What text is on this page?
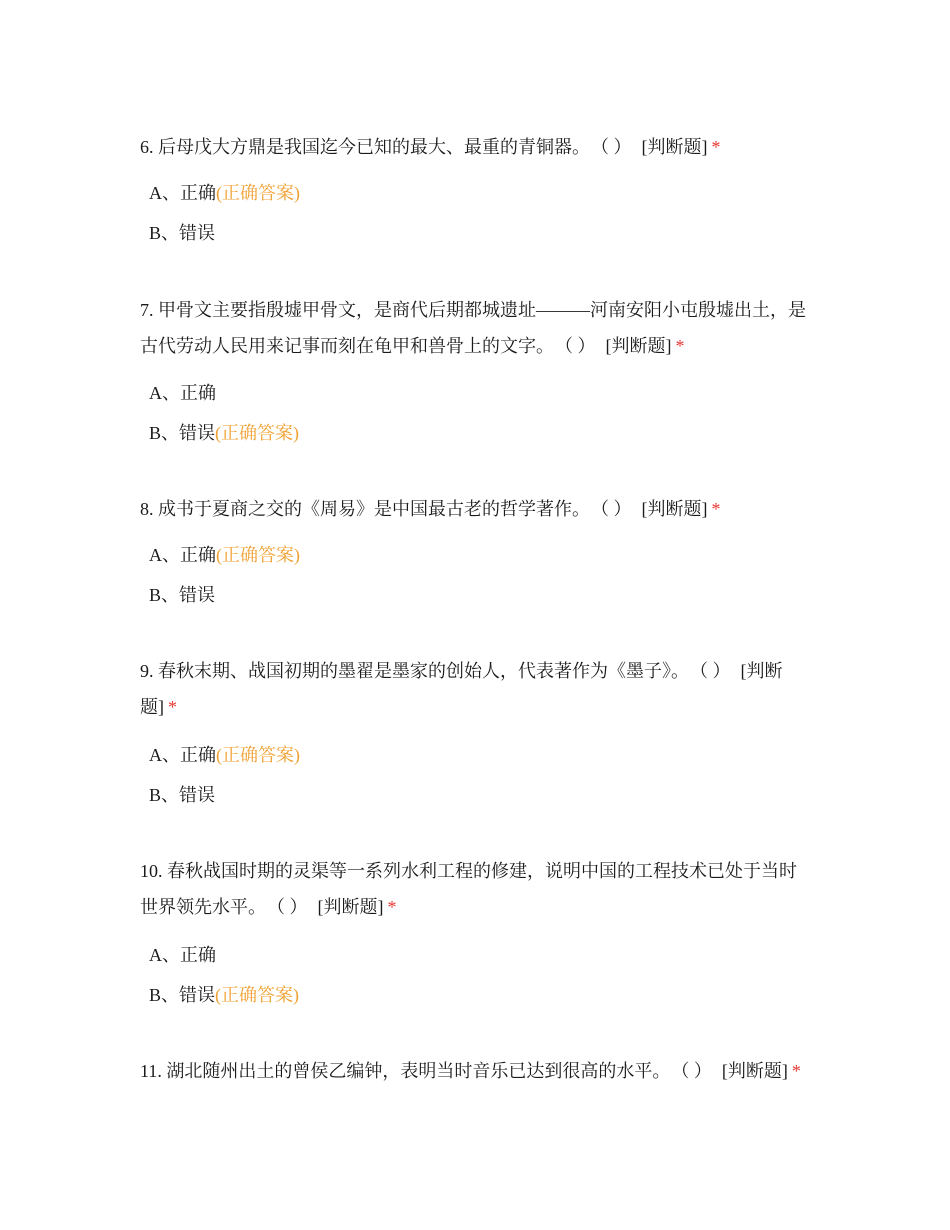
6. 后母戊大方鼎是我国迄今已知的最大、最重的青铜器。 （ ） [判断题] *

A、正确(正确答案)
B、错误

7. 甲骨文主要指殷墟甲骨文，是商代后期都城遗址———河南安阳小屯殷墟出土，是古代劳动人民用来记事而刻在龟甲和兽骨上的文字。 （ ） [判断题] *

A、正确
B、错误(正确答案)

8. 成书于夏商之交的《周易》是中国最古老的哲学著作。 （ ） [判断题] *

A、正确(正确答案)
B、错误

9. 春秋末期、战国初期的墨翟是墨家的创始人，代表著作为《墨子》。 （ ） [判断题] *

A、正确(正确答案)
B、错误

10. 春秋战国时期的灵渠等一系列水利工程的修建，说明中国的工程技术已处于当时世界领先水平。 （ ） [判断题] *

A、正确
B、错误(正确答案)

11. 湖北随州出土的曾侯乙编钟，表明当时音乐已达到很高的水平。 （ ） [判断题] *
